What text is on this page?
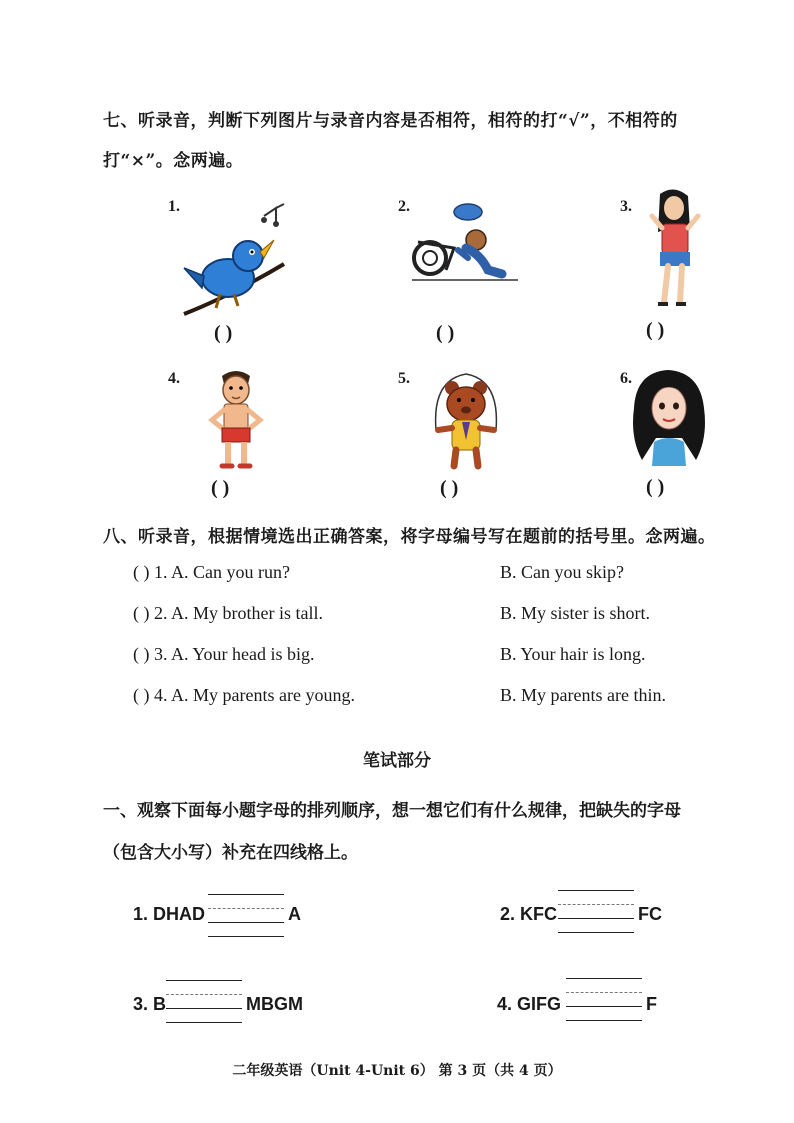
七、听录音，判断下列图片与录音内容是否相符，相符的打“√”，不相符的
打“×”。念两遍。
1.	2.	3.
4.	5.	6.
( )	( )	( )
( )	( )	( )
八、听录音，根据情境选出正确答案，将字母编号写在题前的括号里。念两遍。
( ) 1. A. Can you run?	B. Can you skip?
( ) 2. A. My brother is tall.	B. My sister is short.
( ) 3. A. Your head is big.	B. Your hair is long.
( ) 4. A. My parents are young.	B. My parents are thin.
笔试部分
一、观察下面每小题字母的排列顺序，想一想它们有什么规律，把缺失的字母
（包含大小写）补充在四线格上。
1. DHAD	A	2. KFC	FC
3. B	MBGM	4. GIFG	F
二年级英语（Unit 4-Unit 6） 第 3 页（共 4 页）
